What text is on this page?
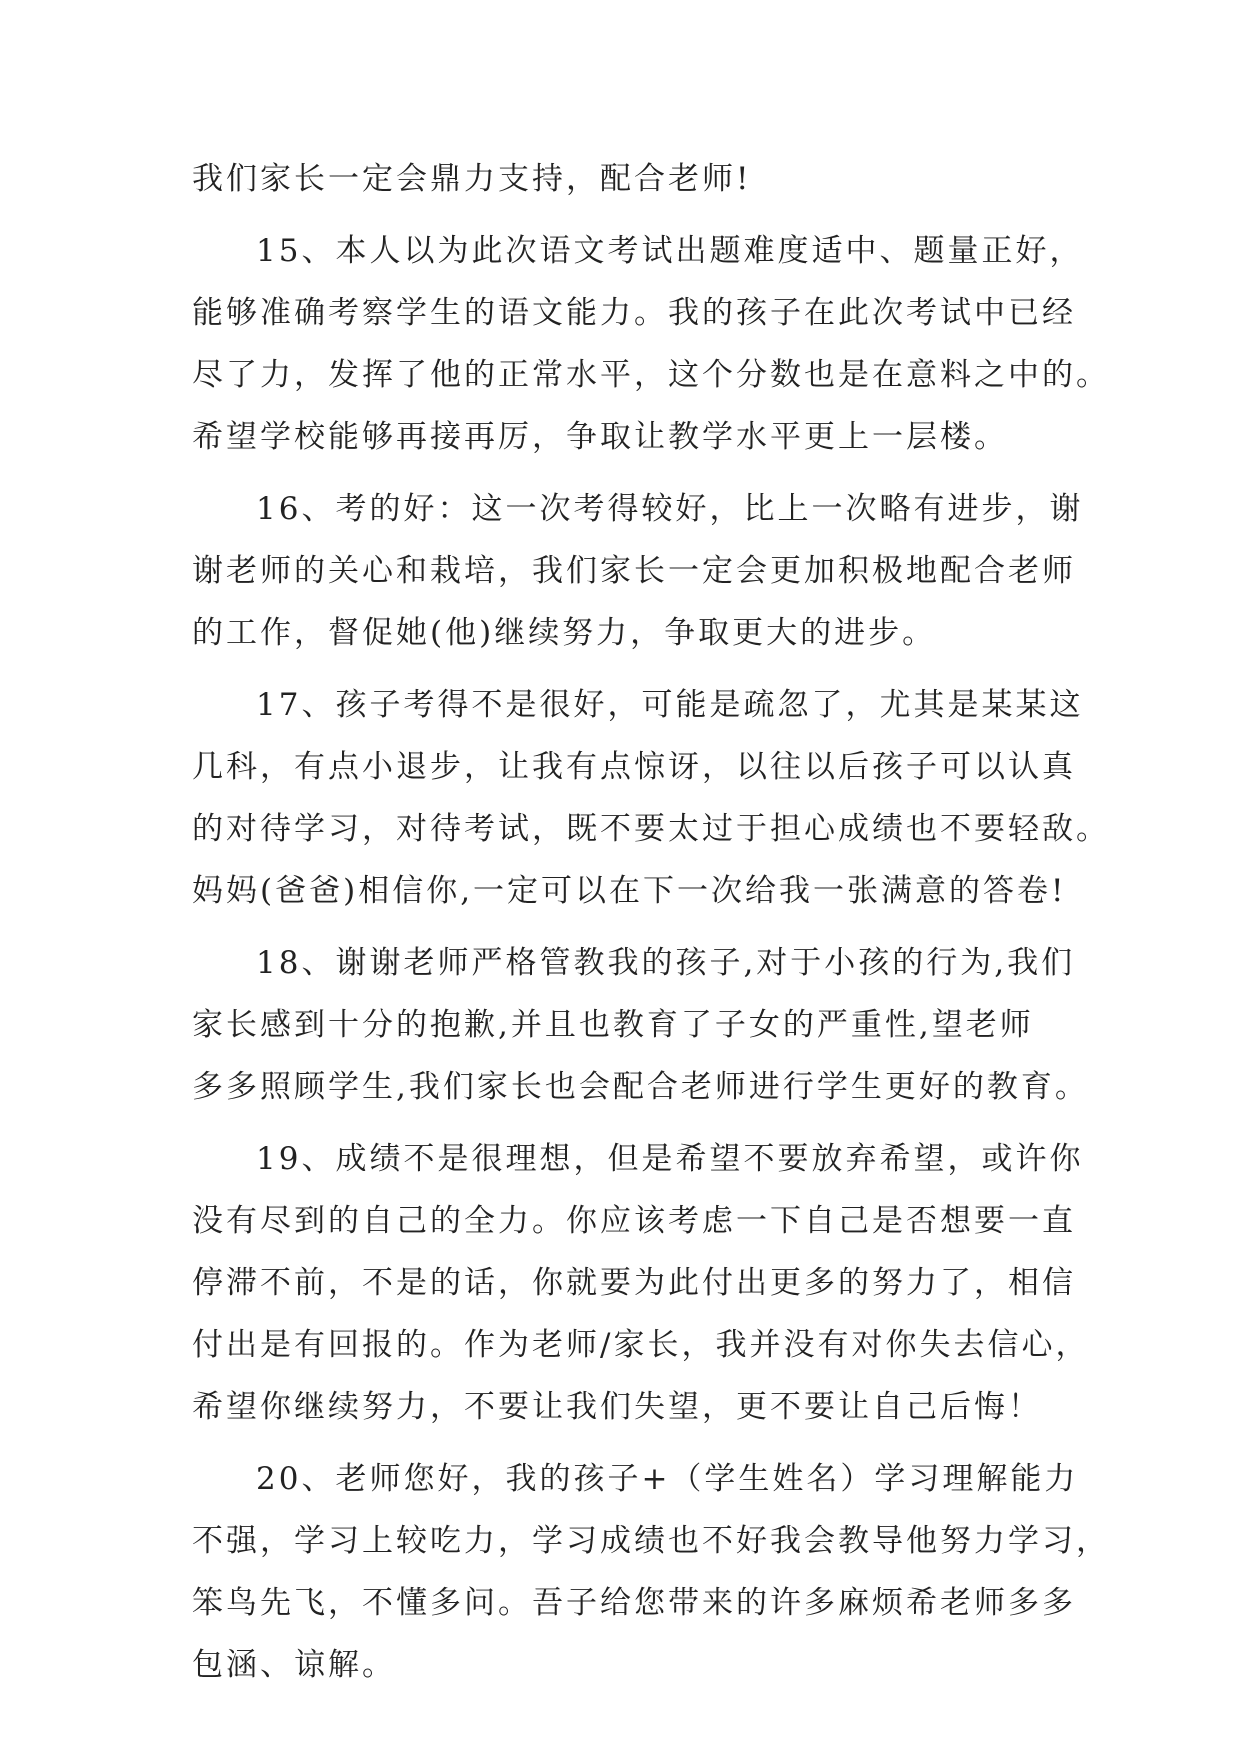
我们家长一定会鼎力支持，配合老师!
15、本人以为此次语文考试出题难度适中、题量正好，
能够准确考察学生的语文能力。我的孩子在此次考试中已经
尽了力，发挥了他的正常水平，这个分数也是在意料之中的。
希望学校能够再接再厉，争取让教学水平更上一层楼。
16、考的好：这一次考得较好，比上一次略有进步，谢
谢老师的关心和栽培，我们家长一定会更加积极地配合老师
的工作，督促她(他)继续努力，争取更大的进步。
17、孩子考得不是很好，可能是疏忽了，尤其是某某这
几科，有点小退步，让我有点惊讶，以往以后孩子可以认真
的对待学习，对待考试，既不要太过于担心成绩也不要轻敌。
妈妈(爸爸)相信你,一定可以在下一次给我一张满意的答卷!
18、谢谢老师严格管教我的孩子,对于小孩的行为,我们
家长感到十分的抱歉,并且也教育了子女的严重性,望老师
多多照顾学生,我们家长也会配合老师进行学生更好的教育。
19、成绩不是很理想，但是希望不要放弃希望，或许你
没有尽到的自己的全力。你应该考虑一下自己是否想要一直
停滞不前，不是的话，你就要为此付出更多的努力了，相信
付出是有回报的。作为老师/家长，我并没有对你失去信心，
希望你继续努力，不要让我们失望，更不要让自己后悔！
20、老师您好，我的孩子+（学生姓名）学习理解能力
不强，学习上较吃力，学习成绩也不好我会教导他努力学习，
笨鸟先飞，不懂多问。吾子给您带来的许多麻烦希老师多多
包涵、谅解。
